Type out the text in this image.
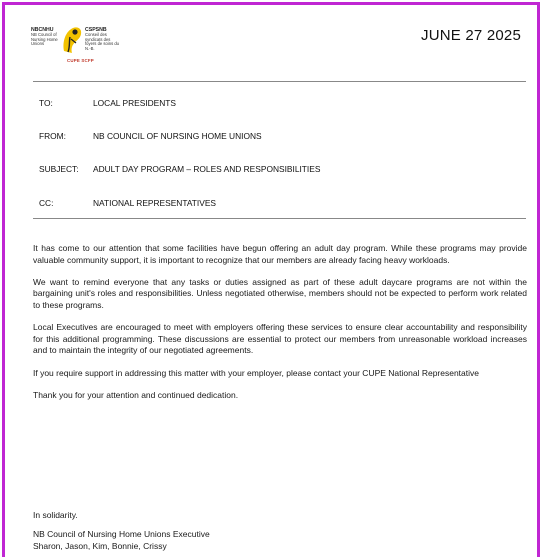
NBCNHU
NB Council of Nursing Home Unions
CSPSNB
Conseil des syndicats des foyers de soins du N.-B.
CUPE SCFP
JUNE 27 2025
TO:	LOCAL PRESIDENTS
FROM:	NB COUNCIL OF NURSING HOME UNIONS
SUBJECT:	ADULT DAY PROGRAM – ROLES AND RESPONSIBILITIES
CC:	NATIONAL REPRESENTATIVES

It has come to our attention that some facilities have begun offering an adult day program. While these programs may provide valuable community support, it is important to recognize that our members are already facing heavy workloads.

We want to remind everyone that any tasks or duties assigned as part of these adult daycare programs are not within the bargaining unit's roles and responsibilities. Unless negotiated otherwise, members should not be expected to perform work related to these programs.

Local Executives are encouraged to meet with employers offering these services to ensure clear accountability and responsibility for this additional programming. These discussions are essential to protect our members from unreasonable workload increases and to maintain the integrity of our negotiated agreements.

If you require support in addressing this matter with your employer, please contact your CUPE National Representative

Thank you for your attention and continued dedication.

In solidarity.
NB Council of Nursing Home Unions Executive
Sharon, Jason, Kim, Bonnie, Crissy
